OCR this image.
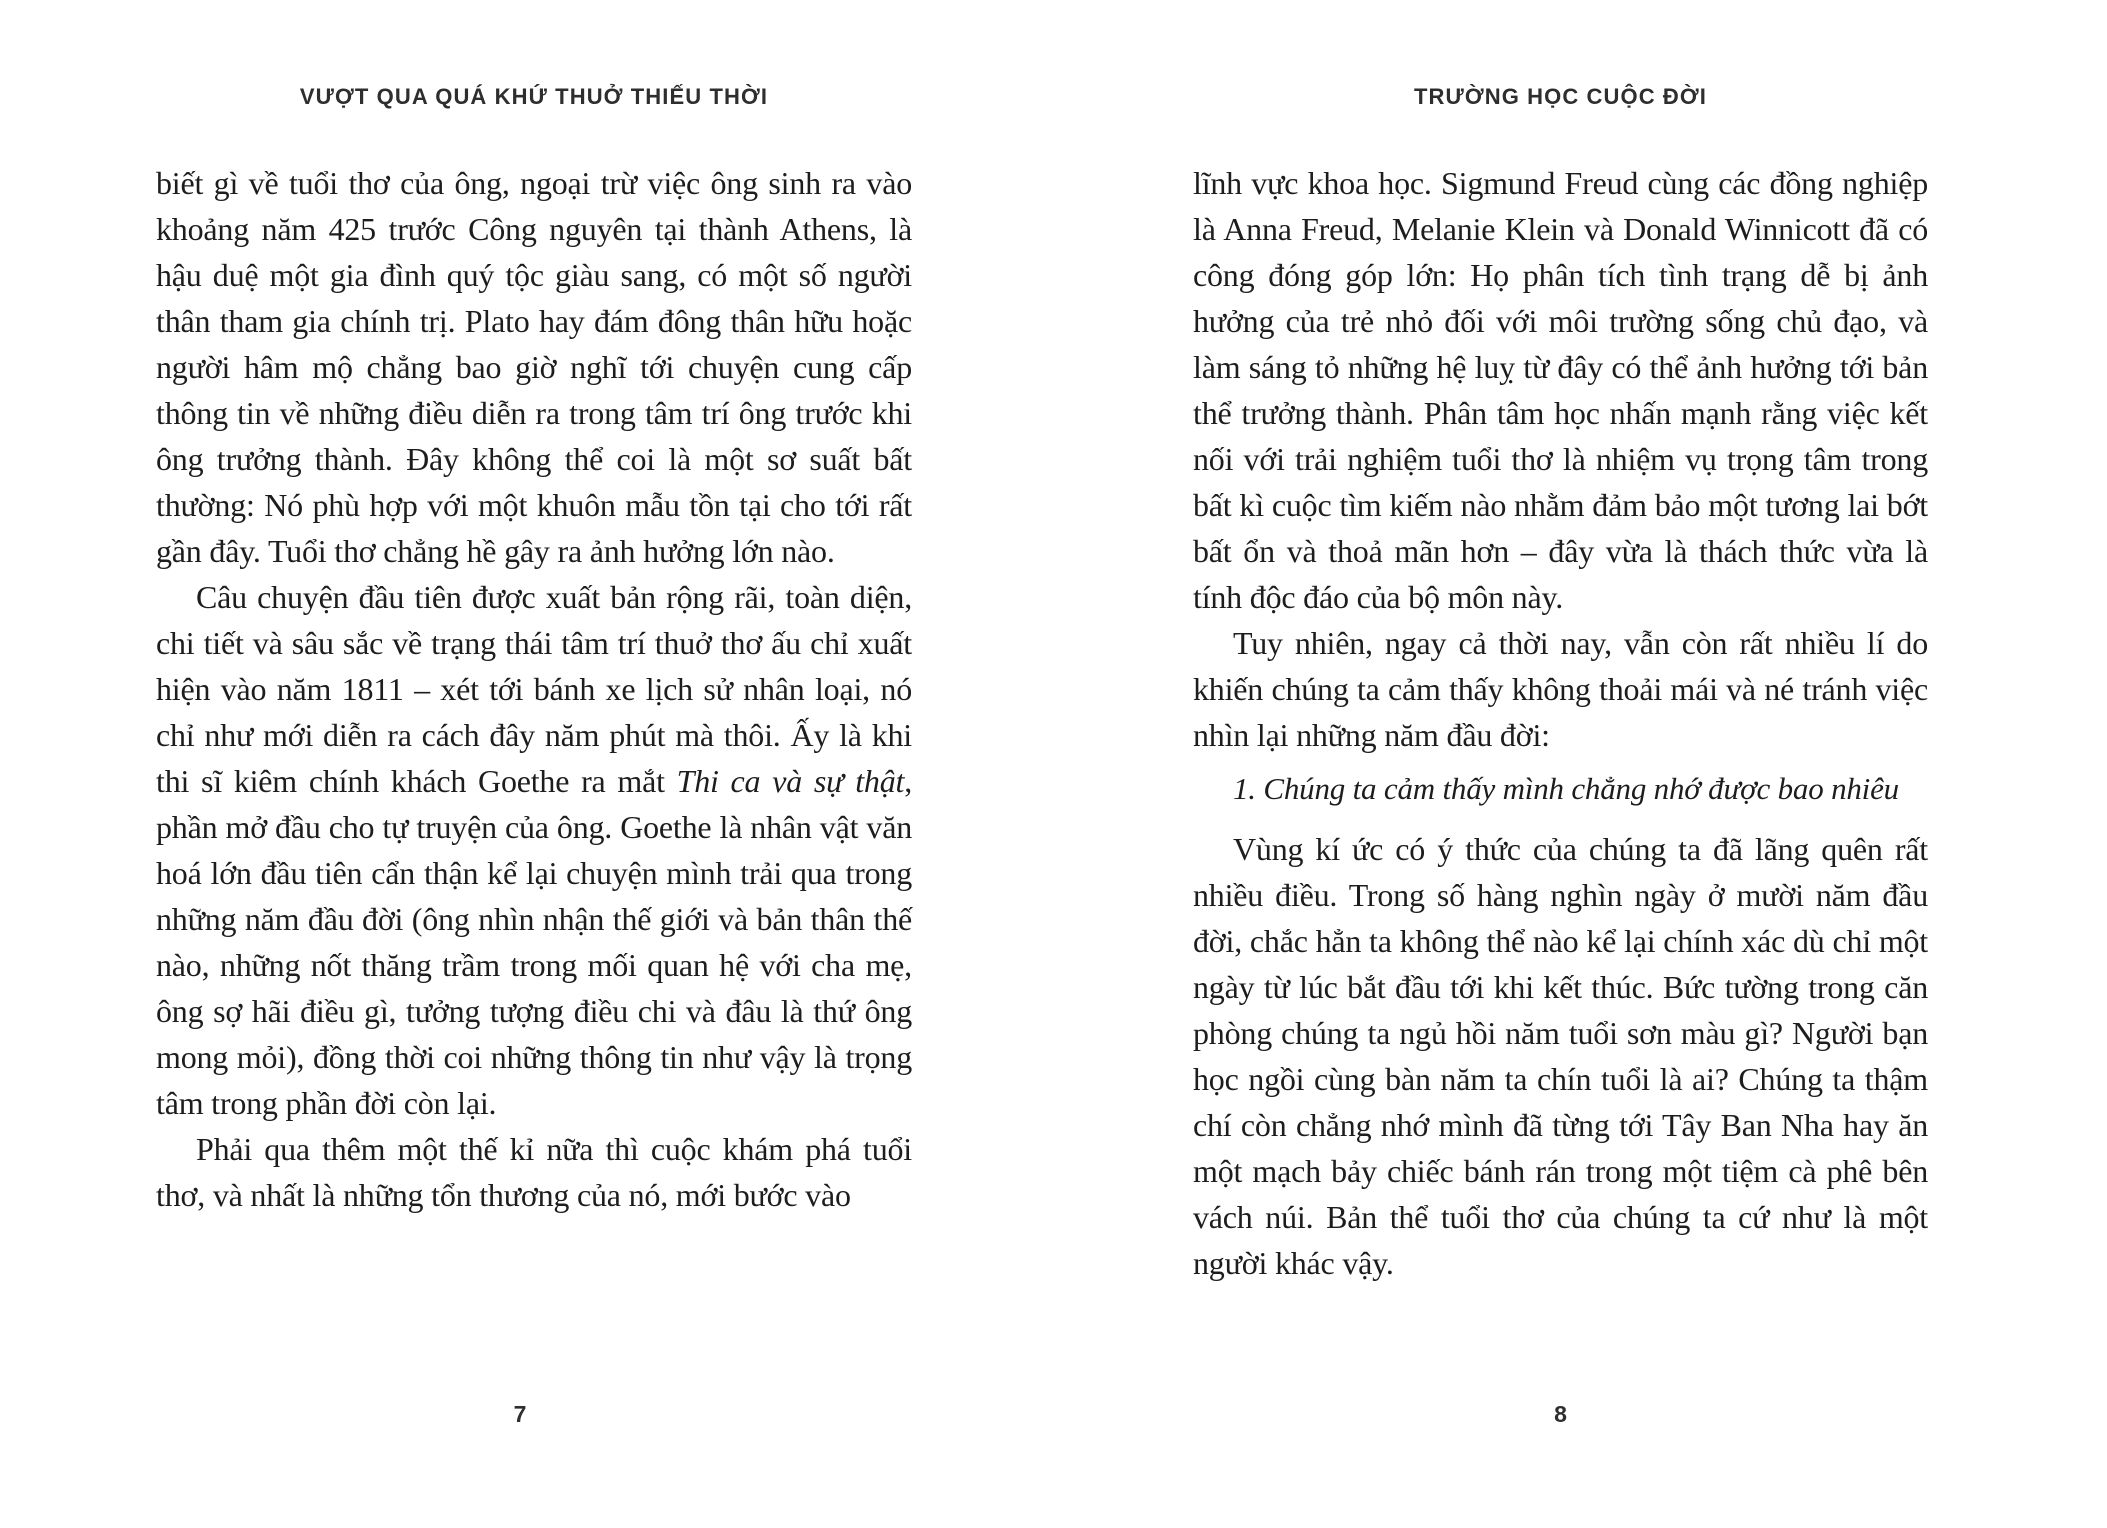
VƯỢT QUA QUÁ KHỨ THUỞ THIẾU THỜI

biết gì về tuổi thơ của ông, ngoại trừ việc ông sinh ra vào khoảng năm 425 trước Công nguyên tại thành Athens, là hậu duệ một gia đình quý tộc giàu sang, có một số người thân tham gia chính trị. Plato hay đám đông thân hữu hoặc người hâm mộ chẳng bao giờ nghĩ tới chuyện cung cấp thông tin về những điều diễn ra trong tâm trí ông trước khi ông trưởng thành. Đây không thể coi là một sơ suất bất thường: Nó phù hợp với một khuôn mẫu tồn tại cho tới rất gần đây. Tuổi thơ chẳng hề gây ra ảnh hưởng lớn nào.

Câu chuyện đầu tiên được xuất bản rộng rãi, toàn diện, chi tiết và sâu sắc về trạng thái tâm trí thuở thơ ấu chỉ xuất hiện vào năm 1811 – xét tới bánh xe lịch sử nhân loại, nó chỉ như mới diễn ra cách đây năm phút mà thôi. Ấy là khi thi sĩ kiêm chính khách Goethe ra mắt Thi ca và sự thật, phần mở đầu cho tự truyện của ông. Goethe là nhân vật văn hoá lớn đầu tiên cẩn thận kể lại chuyện mình trải qua trong những năm đầu đời (ông nhìn nhận thế giới và bản thân thế nào, những nốt thăng trầm trong mối quan hệ với cha mẹ, ông sợ hãi điều gì, tưởng tượng điều chi và đâu là thứ ông mong mỏi), đồng thời coi những thông tin như vậy là trọng tâm trong phần đời còn lại.

Phải qua thêm một thế kỉ nữa thì cuộc khám phá tuổi thơ, và nhất là những tổn thương của nó, mới bước vào

7
TRƯỜNG HỌC CUỘC ĐỜI

lĩnh vực khoa học. Sigmund Freud cùng các đồng nghiệp là Anna Freud, Melanie Klein và Donald Winnicott đã có công đóng góp lớn: Họ phân tích tình trạng dễ bị ảnh hưởng của trẻ nhỏ đối với môi trường sống chủ đạo, và làm sáng tỏ những hệ luỵ từ đây có thể ảnh hưởng tới bản thể trưởng thành. Phân tâm học nhấn mạnh rằng việc kết nối với trải nghiệm tuổi thơ là nhiệm vụ trọng tâm trong bất kì cuộc tìm kiếm nào nhằm đảm bảo một tương lai bớt bất ổn và thoả mãn hơn – đây vừa là thách thức vừa là tính độc đáo của bộ môn này.

Tuy nhiên, ngay cả thời nay, vẫn còn rất nhiều lí do khiến chúng ta cảm thấy không thoải mái và né tránh việc nhìn lại những năm đầu đời:

1. Chúng ta cảm thấy mình chẳng nhớ được bao nhiêu

Vùng kí ức có ý thức của chúng ta đã lãng quên rất nhiều điều. Trong số hàng nghìn ngày ở mười năm đầu đời, chắc hẳn ta không thể nào kể lại chính xác dù chỉ một ngày từ lúc bắt đầu tới khi kết thúc. Bức tường trong căn phòng chúng ta ngủ hồi năm tuổi sơn màu gì? Người bạn học ngồi cùng bàn năm ta chín tuổi là ai? Chúng ta thậm chí còn chẳng nhớ mình đã từng tới Tây Ban Nha hay ăn một mạch bảy chiếc bánh rán trong một tiệm cà phê bên vách núi. Bản thể tuổi thơ của chúng ta cứ như là một người khác vậy.

8
